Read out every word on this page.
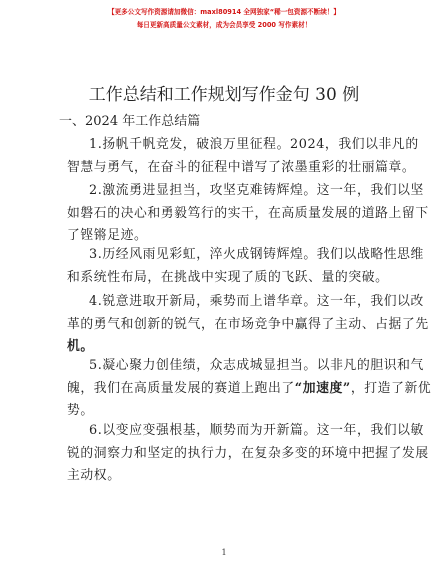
【更多公文写作资源请加微信：maxl80914 全网独家“稀一包资源不断续！】
每日更新高质量公文素材，成为会员享受 2000 写作素材！
工作总结和工作规划写作金句 30 例
一、2024 年工作总结篇
1.扬帆千帆竞发，破浪万里征程。2024，我们以非凡的
智慧与勇气，在奋斗的征程中谱写了浓墨重彩的壮丽篇章。
2.激流勇进显担当，攻坚克难铸辉煌。这一年，我们以坚
如磐石的决心和勇毅笃行的实干，在高质量发展的道路上留下
了铿锵足迹。
3.历经风雨见彩虹，淬火成钢铸辉煌。我们以战略性思维
和系统性布局，在挑战中实现了质的飞跃、量的突破。
4.锐意进取开新局，乘势而上谱华章。这一年，我们以改
革的勇气和创新的锐气，在市场竞争中赢得了主动、占据了先
机。
5.凝心聚力创佳绩，众志成城显担当。以非凡的胆识和气
魄，我们在高质量发展的赛道上跑出了“加速度”，打造了新优
势。
6.以变应变强根基，顺势而为开新篇。这一年，我们以敏
锐的洞察力和坚定的执行力，在复杂多变的环境中把握了发展
主动权。
1
